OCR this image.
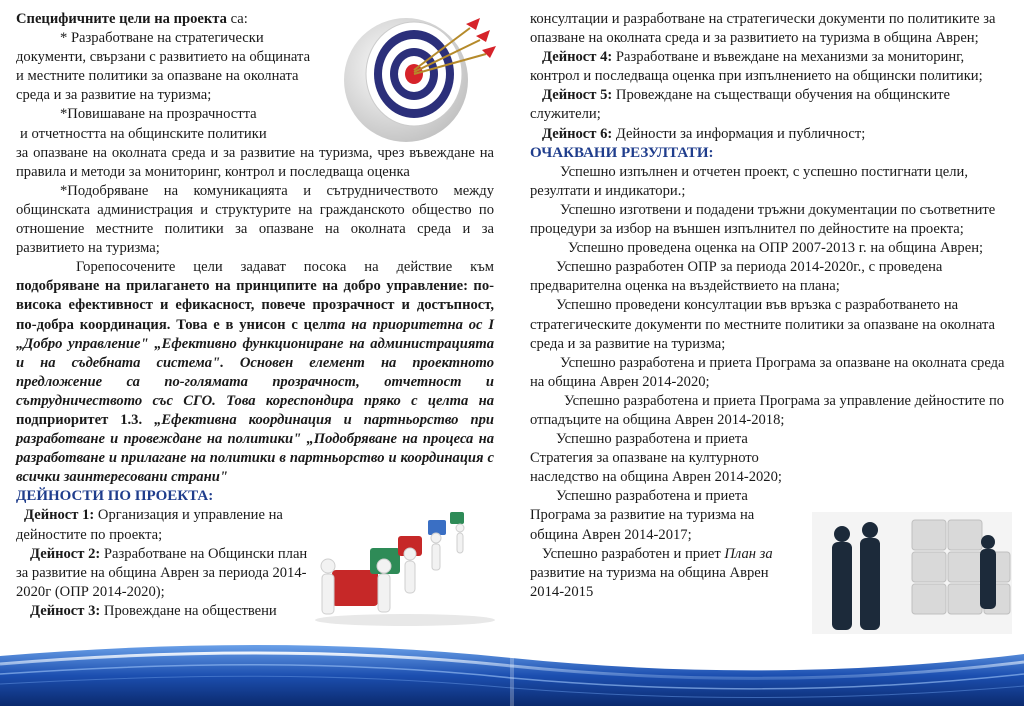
Специфичните цели на проекта са:

* Разработване на стратегически документи, свързани с развитието на общината и местните политики за опазване на околната среда и за развитие на туризма;

*Повишаване на прозрачността

и отчетността на общинските политики

за опазване на околната среда и за развитие на туризма, чрез въвеждане на правила и методи за мониторинг, контрол и последваща оценка

*Подобряване на комуникацията и сътрудничеството между общинската администрация и структурите на гражданското общество по отношение местните политики за опазване на околната среда и за развитието на туризма;

Горепосочените цели задават посока на действие към подобряване на прилагането на принципите на добро управление: по-висока ефективност и ефикасност, повече прозрачност и достъпност, по-добра координация. Това е в унисон с целта на приоритетна ос I „Добро управление" „Ефективно функциониране на администрацията и на съдебната система". Основен елемент на проектното предложение са по-голямата прозрачност, отчетност и сътрудничеството със СГО. Това кореспондира пряко с целта на подприоритет 1.3. „Ефективна координация и партньорство при разработване и провеждане на политики" „Подобряване на процеса на разработване и прилагане на политики в партньорство и координация с всички заинтересовани страни"

ДЕЙНОСТИ ПО ПРОЕКТА:

Дейност 1: Организация и управление на дейностите по проекта;

Дейност 2: Разработване на Общински план за развитие на община Аврен за периода 2014-2020г (ОПР 2014-2020);

Дейност 3: Провеждане на обществени

консултации и разработване на стратегически документи по политиките за опазване на околната среда и за развитието на туризма в община Аврен;

Дейност 4: Разработване и въвеждане на механизми за мониторинг, контрол и последваща оценка при изпълнението на общински политики;

Дейност 5: Провеждане на съществащи обучения на общинските служители;

Дейност 6: Дейности за информация и публичност;

ОЧАКВАНИ РЕЗУЛТАТИ:

Успешно изпълнен и отчетен проект, с успешно постигнати цели, резултати и индикатори.;

Успешно изготвени и подадени тръжни документации по съответните процедури за избор на външен изпълнител по дейностите на проекта;

Успешно проведена оценка на ОПР 2007-2013 г. на община Аврен;

Успешно разработен ОПР за периода 2014-2020г., с проведена предварителна оценка на въздействието на плана;

Успешно проведени консултации във връзка с разработването на стратегическите документи по местните политики за опазване на околната среда и за развитие на туризма;

Успешно разработена и приета Програма за опазване на околната среда на община Аврен 2014-2020;

Успешно разработена и приета Програма за управление дейностите по отпадъците на община Аврен 2014-2018;

Успешно разработена и приета

Стратегия за опазване на културното наследство на община Аврен 2014-2020;

Успешно разработена и приета Програма за развитие на туризма на община Аврен 2014-2017;

Успешно разработен и приет План за развитие на туризма на община Аврен 2014-2015
